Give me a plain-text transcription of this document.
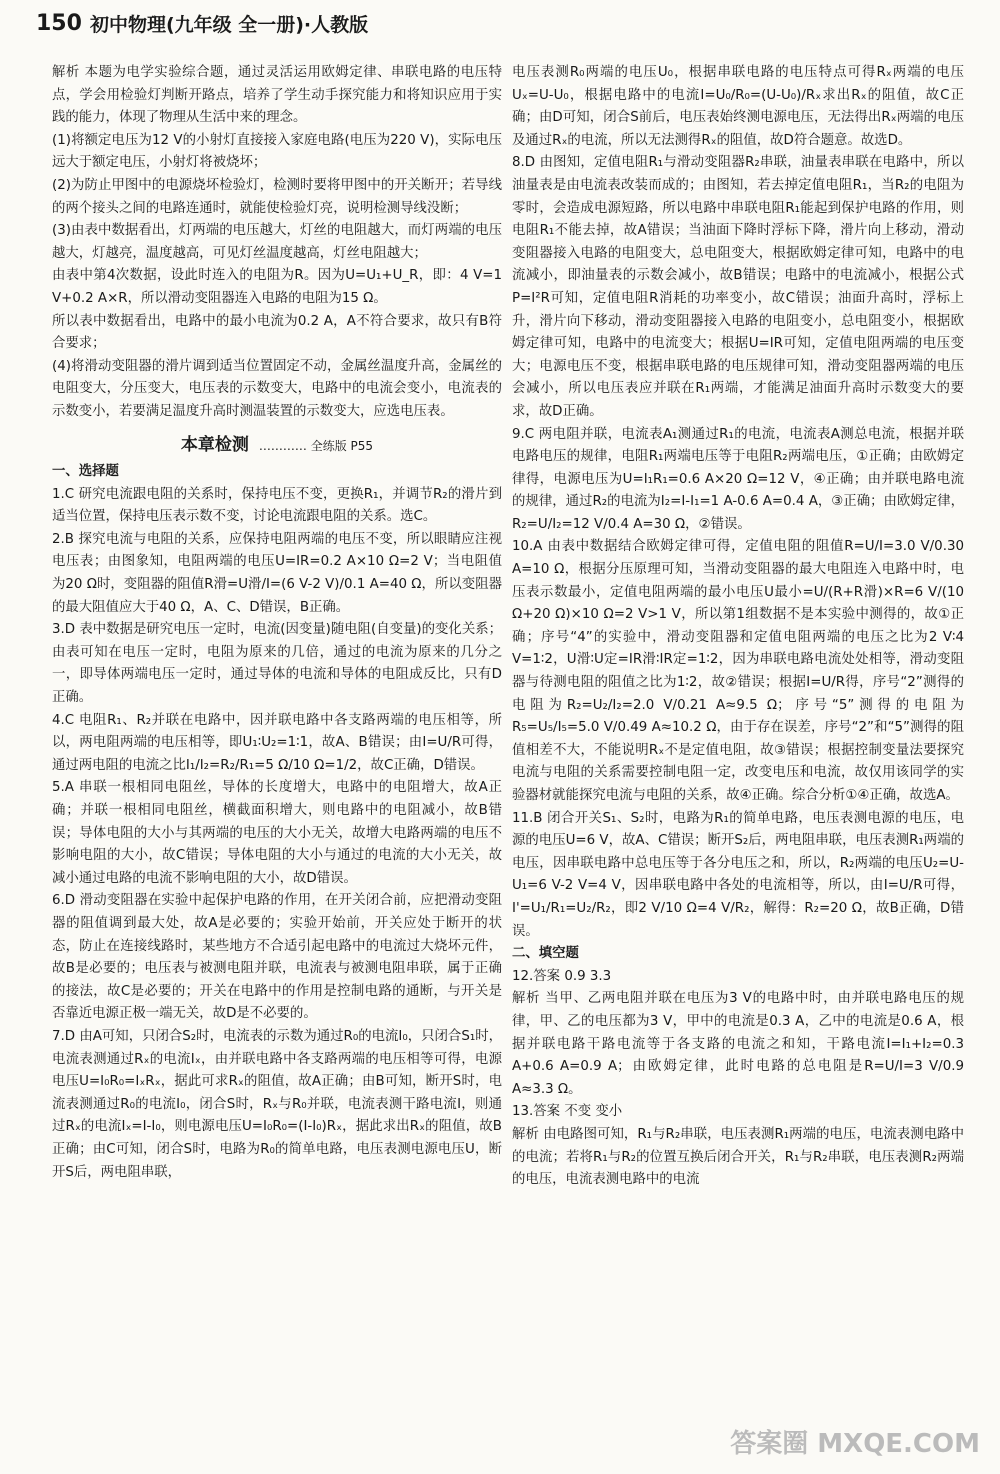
150 初中物理(九年级 全一册)·人教版

解析 本题为电学实验综合题，通过灵活运用欧姆定律、串联电路的电压特点，学会用检验灯判断开路点，培养了学生动手探究能力和将知识应用于实践的能力，体现了物理从生活中来的理念。

(1)将额定电压为12 V的小射灯直接接入家庭电路(电压为220 V)，实际电压远大于额定电压，小射灯将被烧坏；

(2)为防止甲图中的电源烧坏检验灯，检测时要将甲图中的开关断开；若导线的两个接头之间的电路连通时，就能使检验灯亮，说明检测导线没断；

(3)由表中数据看出，灯两端的电压越大，灯丝的电阻越大，而灯两端的电压越大，灯越亮，温度越高，可见灯丝温度越高，灯丝电阻越大；

由表中第4次数据，设此时连入的电阻为R。因为U=U₁+U_R，即：4 V=1 V+0.2 A×R，所以滑动变阻器连入电路的电阻为15 Ω。

所以表中数据看出，电路中的最小电流为0.2 A，A不符合要求，故只有B符合要求；

(4)将滑动变阻器的滑片调到适当位置固定不动，金属丝温度升高，金属丝的电阻变大，分压变大，电压表的示数变大，电路中的电流会变小，电流表的示数变小，若要满足温度升高时测温装置的示数变大，应选电压表。

本章检测 ………… 全练版 P55

一、选择题

1.C 研究电流跟电阻的关系时，保持电压不变，更换R₁，并调节R₂的滑片到适当位置，保持电压表示数不变，讨论电流跟电阻的关系。选C。

2.B 探究电流与电阻的关系，应保持电阻两端的电压不变，所以眼睛应注视电压表；由图象知，电阻两端的电压U=IR=0.2 A×10 Ω=2 V；当电阻值为20 Ω时，变阻器的阻值R滑=U滑/I=(6 V-2 V)/0.1 A=40 Ω，所以变阻器的最大阻值应大于40 Ω，A、C、D错误，B正确。

3.D 表中数据是研究电压一定时，电流(因变量)随电阻(自变量)的变化关系；由表可知在电压一定时，电阻为原来的几倍，通过的电流为原来的几分之一，即导体两端电压一定时，通过导体的电流和导体的电阻成反比，只有D正确。

4.C 电阻R₁、R₂并联在电路中，因并联电路中各支路两端的电压相等，所以，两电阻两端的电压相等，即U₁∶U₂=1∶1，故A、B错误；由I=U/R可得，通过两电阻的电流之比I₁/I₂=R₂/R₁=5 Ω/10 Ω=1/2，故C正确，D错误。

5.A 串联一根相同电阻丝，导体的长度增大，电路中的电阻增大，故A正确；并联一根相同电阻丝，横截面积增大，则电路中的电阻减小，故B错误；导体电阻的大小与其两端的电压的大小无关，故增大电路两端的电压不影响电阻的大小，故C错误；导体电阻的大小与通过的电流的大小无关，故减小通过电路的电流不影响电阻的大小，故D错误。

6.D 滑动变阻器在实验中起保护电路的作用，在开关闭合前，应把滑动变阻器的阻值调到最大处，故A是必要的；实验开始前，开关应处于断开的状态，防止在连接线路时，某些地方不合适引起电路中的电流过大烧坏元件，故B是必要的；电压表与被测电阻并联，电流表与被测电阻串联，属于正确的接法，故C是必要的；开关在电路中的作用是控制电路的通断，与开关是否靠近电源正极一端无关，故D是不必要的。

7.D 由A可知，只闭合S₂时，电流表的示数为通过R₀的电流I₀，只闭合S₁时，电流表测通过Rₓ的电流Iₓ，由并联电路中各支路两端的电压相等可得，电源电压U=I₀R₀=IₓRₓ，据此可求Rₓ的阻值，故A正确；由B可知，断开S时，电流表测通过R₀的电流I₀，闭合S时，Rₓ与R₀并联，电流表测干路电流I，则通过Rₓ的电流Iₓ=I-I₀，则电源电压U=I₀R₀=(I-I₀)Rₓ，据此求出Rₓ的阻值，故B正确；由C可知，闭合S时，电路为R₀的简单电路，电压表测电源电压U，断开S后，两电阻串联，

电压表测R₀两端的电压U₀，根据串联电路的电压特点可得Rₓ两端的电压Uₓ=U-U₀，根据电路中的电流I=U₀/R₀=(U-U₀)/Rₓ求出Rₓ的阻值，故C正确；由D可知，闭合S前后，电压表始终测电源电压，无法得出Rₓ两端的电压及通过Rₓ的电流，所以无法测得Rₓ的阻值，故D符合题意。故选D。

8.D 由图知，定值电阻R₁与滑动变阻器R₂串联，油量表串联在电路中，所以油量表是由电流表改装而成的；由图知，若去掉定值电阻R₁，当R₂的电阻为零时，会造成电源短路，所以电路中串联电阻R₁能起到保护电路的作用，则电阻R₁不能去掉，故A错误；当油面下降时浮标下降，滑片向上移动，滑动变阻器接入电路的电阻变大，总电阻变大，根据欧姆定律可知，电路中的电流减小，即油量表的示数会减小，故B错误；电路中的电流减小，根据公式P=I²R可知，定值电阻R消耗的功率变小，故C错误；油面升高时，浮标上升，滑片向下移动，滑动变阻器接入电路的电阻变小，总电阻变小，根据欧姆定律可知，电路中的电流变大；根据U=IR可知，定值电阻两端的电压变大；电源电压不变，根据串联电路的电压规律可知，滑动变阻器两端的电压会减小，所以电压表应并联在R₁两端，才能满足油面升高时示数变大的要求，故D正确。

9.C 两电阻并联，电流表A₁测通过R₁的电流，电流表A测总电流，根据并联电路电压的规律，电阻R₁两端电压等于电阻R₂两端电压，①正确；由欧姆定律得，电源电压为U=I₁R₁=0.6 A×20 Ω=12 V，④正确；由并联电路电流的规律，通过R₂的电流为I₂=I-I₁=1 A-0.6 A=0.4 A，③正确；由欧姆定律，R₂=U/I₂=12 V/0.4 A=30 Ω，②错误。

10.A 由表中数据结合欧姆定律可得，定值电阻的阻值R=U/I=3.0 V/0.30 A=10 Ω，根据分压原理可知，当滑动变阻器的最大电阻连入电路中时，电压表示数最小，定值电阻两端的最小电压U最小=U/(R+R滑)×R=6 V/(10 Ω+20 Ω)×10 Ω=2 V>1 V，所以第1组数据不是本实验中测得的，故①正确；序号“4”的实验中，滑动变阻器和定值电阻两端的电压之比为2 V∶4 V=1∶2，U滑∶U定=IR滑∶IR定=1∶2，因为串联电路电流处处相等，滑动变阻器与待测电阻的阻值之比为1∶2，故②错误；根据I=U/R得，序号“2”测得的电阻为R₂=U₂/I₂=2.0 V/0.21 A≈9.5 Ω；序号“5”测得的电阻为R₅=U₅/I₅=5.0 V/0.49 A≈10.2 Ω，由于存在误差，序号“2”和“5”测得的阻值相差不大，不能说明Rₓ不是定值电阻，故③错误；根据控制变量法要探究电流与电阻的关系需要控制电阻一定，改变电压和电流，故仅用该同学的实验器材就能探究电流与电阻的关系，故④正确。综合分析①④正确，故选A。

11.B 闭合开关S₁、S₂时，电路为R₁的简单电路，电压表测电源的电压，电源的电压U=6 V，故A、C错误；断开S₂后，两电阻串联，电压表测R₁两端的电压，因串联电路中总电压等于各分电压之和，所以，R₂两端的电压U₂=U-U₁=6 V-2 V=4 V，因串联电路中各处的电流相等，所以，由I=U/R可得，I'=U₁/R₁=U₂/R₂，即2 V/10 Ω=4 V/R₂，解得：R₂=20 Ω，故B正确，D错误。

二、填空题

12.答案 0.9 3.3

解析 当甲、乙两电阻并联在电压为3 V的电路中时，由并联电路电压的规律，甲、乙的电压都为3 V，甲中的电流是0.3 A，乙中的电流是0.6 A，根据并联电路干路电流等于各支路的电流之和知，干路电流I=I₁+I₂=0.3 A+0.6 A=0.9 A；由欧姆定律，此时电路的总电阻是R=U/I=3 V/0.9 A≈3.3 Ω。

13.答案 不变 变小

解析 由电路图可知，R₁与R₂串联，电压表测R₁两端的电压，电流表测电路中的电流；若将R₁与R₂的位置互换后闭合开关，R₁与R₂串联，电压表测R₂两端的电压，电流表测电路中的电流

答案圈 MXQE.COM
